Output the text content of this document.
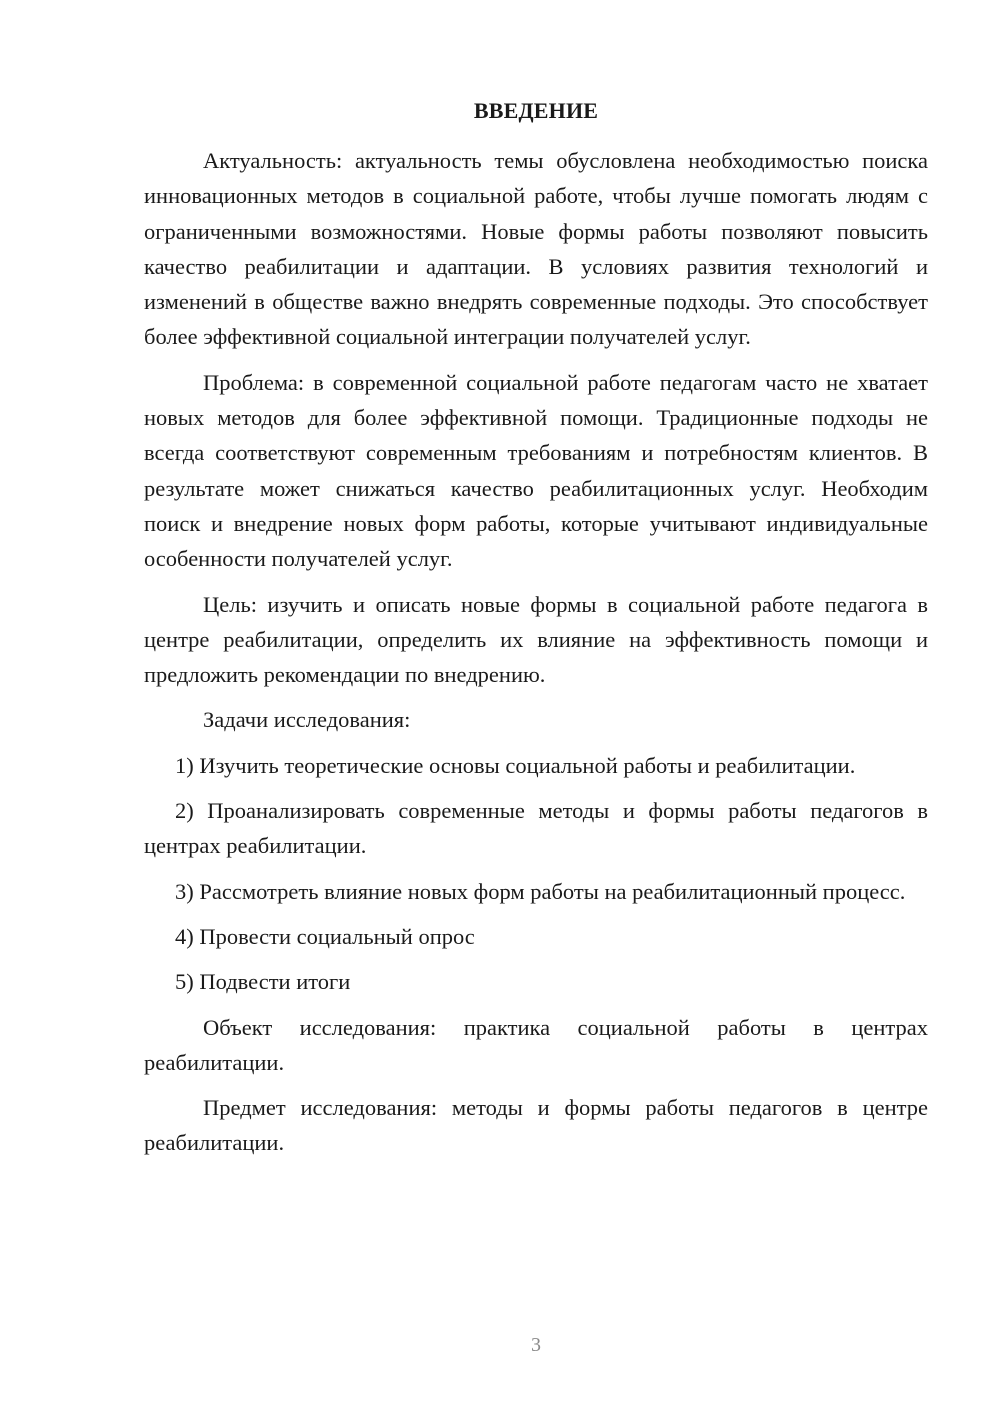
ВВЕДЕНИЕ

Актуальность: актуальность темы обусловлена необходимостью поиска инновационных методов в социальной работе, чтобы лучше помогать людям с ограниченными возможностями. Новые формы работы позволяют повысить качество реабилитации и адаптации. В условиях развития технологий и изменений в обществе важно внедрять современные подходы. Это способствует более эффективной социальной интеграции получателей услуг.

Проблема: в современной социальной работе педагогам часто не хватает новых методов для более эффективной помощи. Традиционные подходы не всегда соответствуют современным требованиям и потребностям клиентов. В результате может снижаться качество реабилитационных услуг. Необходим поиск и внедрение новых форм работы, которые учитывают индивидуальные особенности получателей услуг.

Цель: изучить и описать новые формы в социальной работе педагога в центре реабилитации, определить их влияние на эффективность помощи и предложить рекомендации по внедрению.

Задачи исследования:

1) Изучить теоретические основы социальной работы и реабилитации.

2) Проанализировать современные методы и формы работы педагогов в центрах реабилитации.

3) Рассмотреть влияние новых форм работы на реабилитационный процесс.

4) Провести социальный опрос

5) Подвести итоги

Объект исследования: практика социальной работы в центрах реабилитации.

Предмет исследования: методы и формы работы педагогов в центре реабилитации.

3
